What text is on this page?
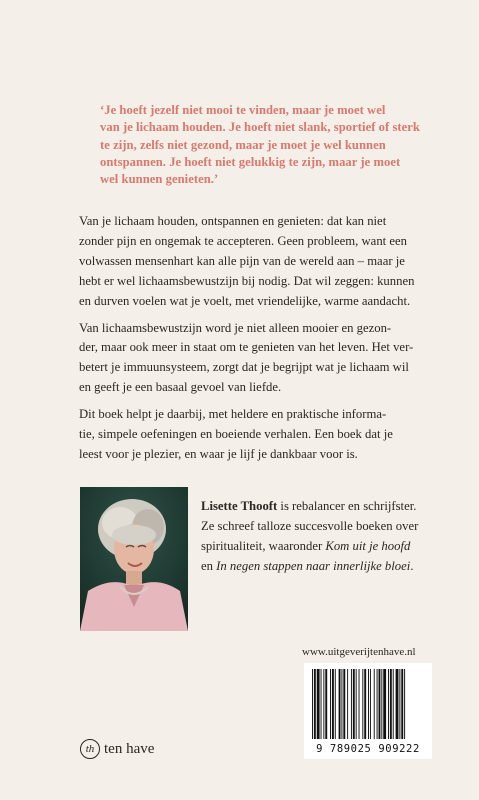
‘Je hoeft jezelf niet mooi te vinden, maar je moet wel
van je lichaam houden. Je hoeft niet slank, sportief of sterk
te zijn, zelfs niet gezond, maar je moet je wel kunnen
ontspannen. Je hoeft niet gelukkig te zijn, maar je moet
wel kunnen genieten.’
Van je lichaam houden, ontspannen en genieten: dat kan niet
zonder pijn en ongemak te accepteren. Geen probleem, want een
volwassen mensenhart kan alle pijn van de wereld aan – maar je
hebt er wel lichaamsbewustzijn bij nodig. Dat wil zeggen: kunnen
en durven voelen wat je voelt, met vriendelijke, warme aandacht.
Van lichaamsbewustzijn word je niet alleen mooier en gezon-
der, maar ook meer in staat om te genieten van het leven. Het ver-
betert je immuunsysteem, zorgt dat je begrijpt wat je lichaam wil
en geeft je een basaal gevoel van liefde.
Dit boek helpt je daarbij, met heldere en praktische informa-
tie, simpele oefeningen en boeiende verhalen. Een boek dat je
leest voor je plezier, en waar je lijf je dankbaar voor is.
Lisette Thooft is rebalancer en schrijfster.
Ze schreef talloze succesvolle boeken over
spiritualiteit, waaronder Kom uit je hoofd
en In negen stappen naar innerlijke bloei.
www.uitgeverijtenhave.nl
9 789025 909222
th ten have
